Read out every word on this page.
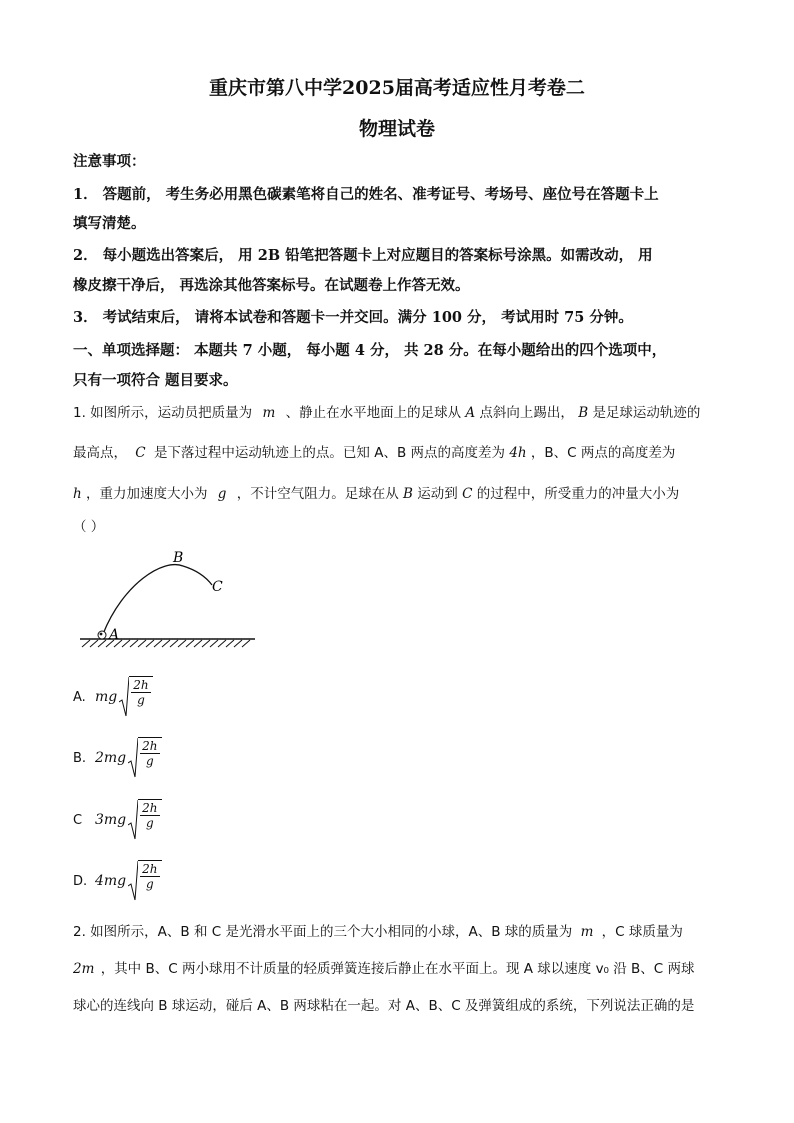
重庆市第八中学2025届高考适应性月考卷二
物理试卷
注意事项：
1． 答题前， 考生务必用黑色碳素笔将自己的姓名、准考证号、考场号、座位号在答题卡上
填写清楚。
2． 每小题选出答案后， 用 2B 铅笔把答题卡上对应题目的答案标号涂黑。如需改动， 用
橡皮擦干净后， 再选涂其他答案标号。在试题卷上作答无效。
3． 考试结束后， 请将本试卷和答题卡一并交回。满分 100 分， 考试用时 75 分钟。
一、单项选择题： 本题共 7 小题， 每小题 4 分， 共 28 分。在每小题给出的四个选项中，
只有一项符合 题目要求。
1. 如图所示，运动员把质量为 m 、静止在水平地面上的足球从 A 点斜向上踢出， B 是足球运动轨迹的
最高点， C 是下落过程中运动轨迹上的点。已知 A、B 两点的高度差为 4h ，B、C 两点的高度差为
h ，重力加速度大小为 g ，不计空气阻力。足球在从 B 运动到 C 的过程中，所受重力的冲量大小为
（ ）
A
B
C
A. mg $\frac{2h}{g}$
B. $2mg \frac{2h}{g}$
C $3mg \frac{2h}{g}$
D. $4mg \frac{2h}{g}$
2. 如图所示，A、B 和 C 是光滑水平面上的三个大小相同的小球，A、B 球的质量为 m ，C 球质量为
2m ，其中 B、C 两小球用不计质量的轻质弹簧连接后静止在水平面上。现 A 球以速度 v₀ 沿 B、C 两球
球心的连线向 B 球运动，碰后 A、B 两球粘在一起。对 A、B、C 及弹簧组成的系统，下列说法正确的是
